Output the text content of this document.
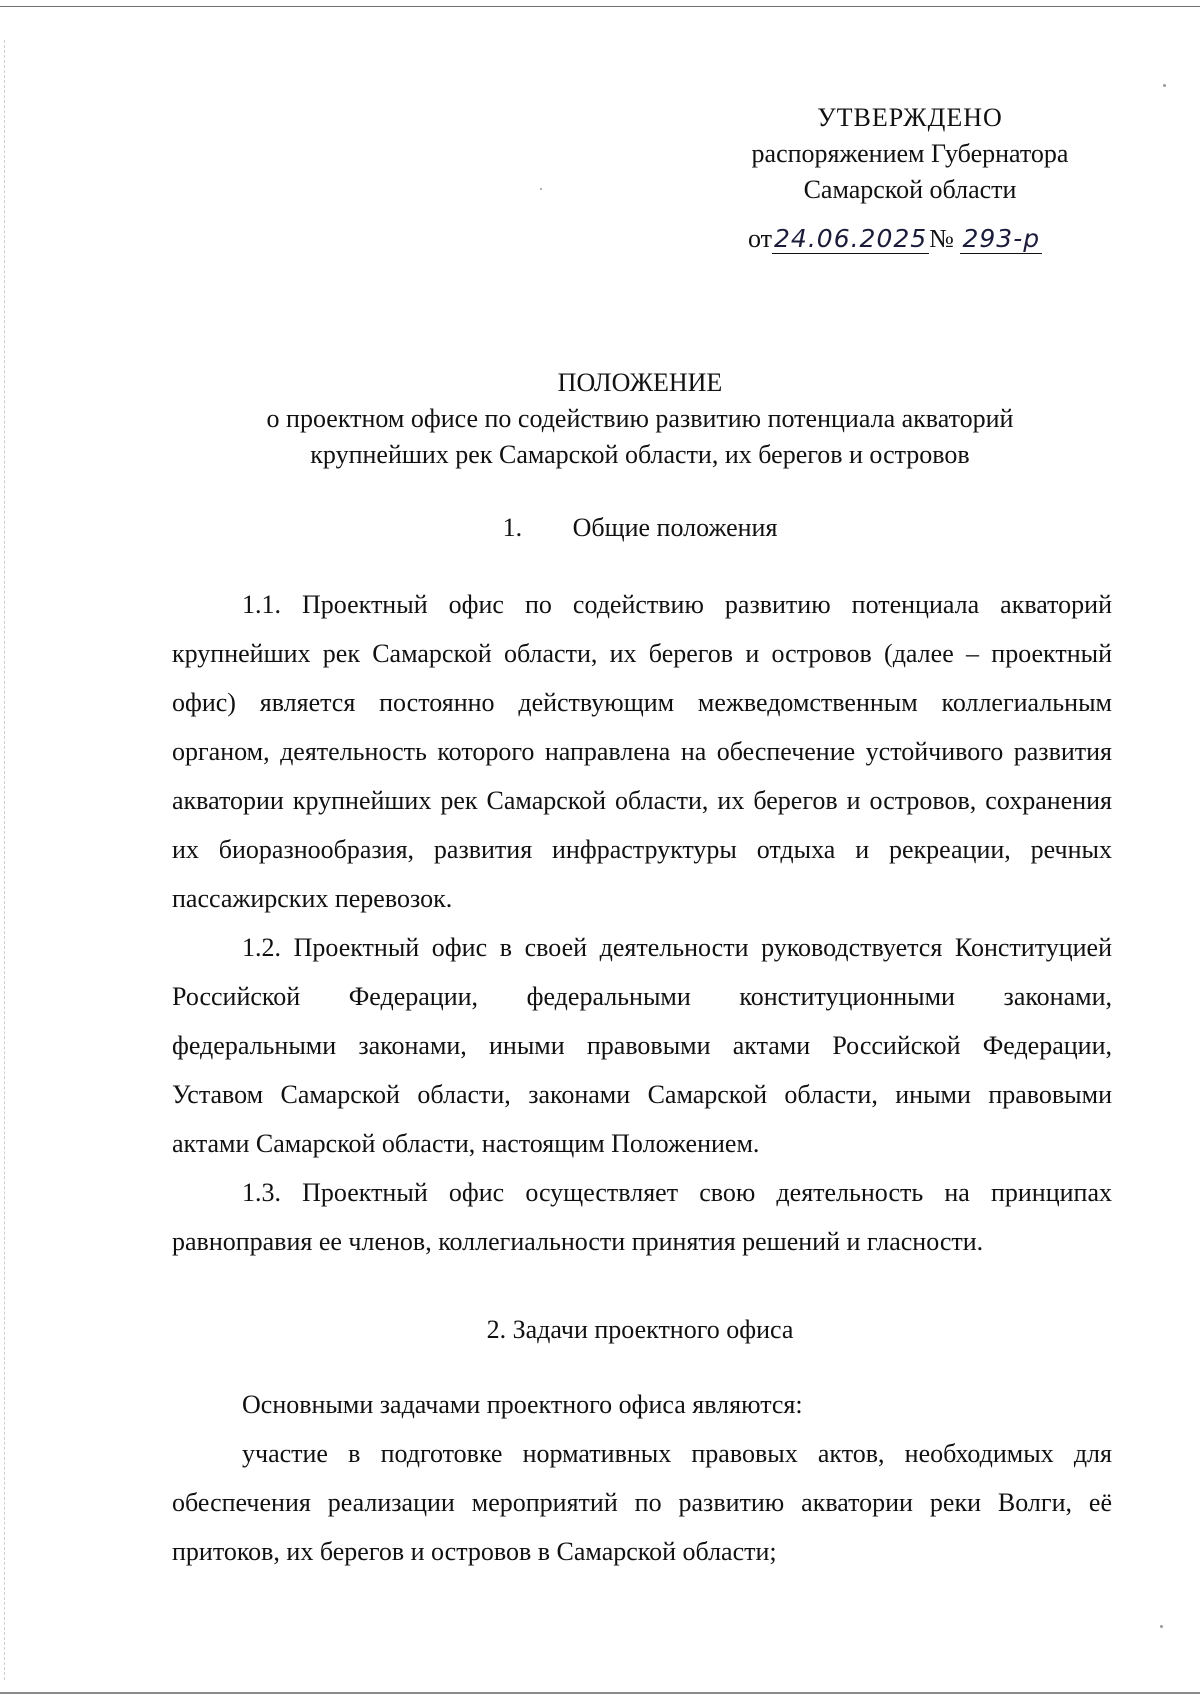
УТВЕРЖДЕНО
распоряжением Губернатора
Самарской области
от24.06.2025№ 293-р
ПОЛОЖЕНИЕ
о проектном офисе по содействию развитию потенциала акваторий
крупнейших рек Самарской области, их берегов и островов
1. Общие положения

1.1. Проектный офис по содействию развитию потенциала акваторий крупнейших рек Самарской области, их берегов и островов (далее – проектный офис) является постоянно действующим межведомственным коллегиальным органом, деятельность которого направлена на обеспечение устойчивого развития акватории крупнейших рек Самарской области, их берегов и островов, сохранения их биоразнообразия, развития инфраструктуры отдыха и рекреации, речных пассажирских перевозок.

1.2. Проектный офис в своей деятельности руководствуется Конституцией Российской Федерации, федеральными конституционными законами, федеральными законами, иными правовыми актами Российской Федерации, Уставом Самарской области, законами Самарской области, иными правовыми актами Самарской области, настоящим Положением.

1.3. Проектный офис осуществляет свою деятельность на принципах равноправия ее членов, коллегиальности принятия решений и гласности.

2. Задачи проектного офиса

Основными задачами проектного офиса являются:

участие в подготовке нормативных правовых актов, необходимых для обеспечения реализации мероприятий по развитию акватории реки Волги, её притоков, их берегов и островов в Самарской области;
